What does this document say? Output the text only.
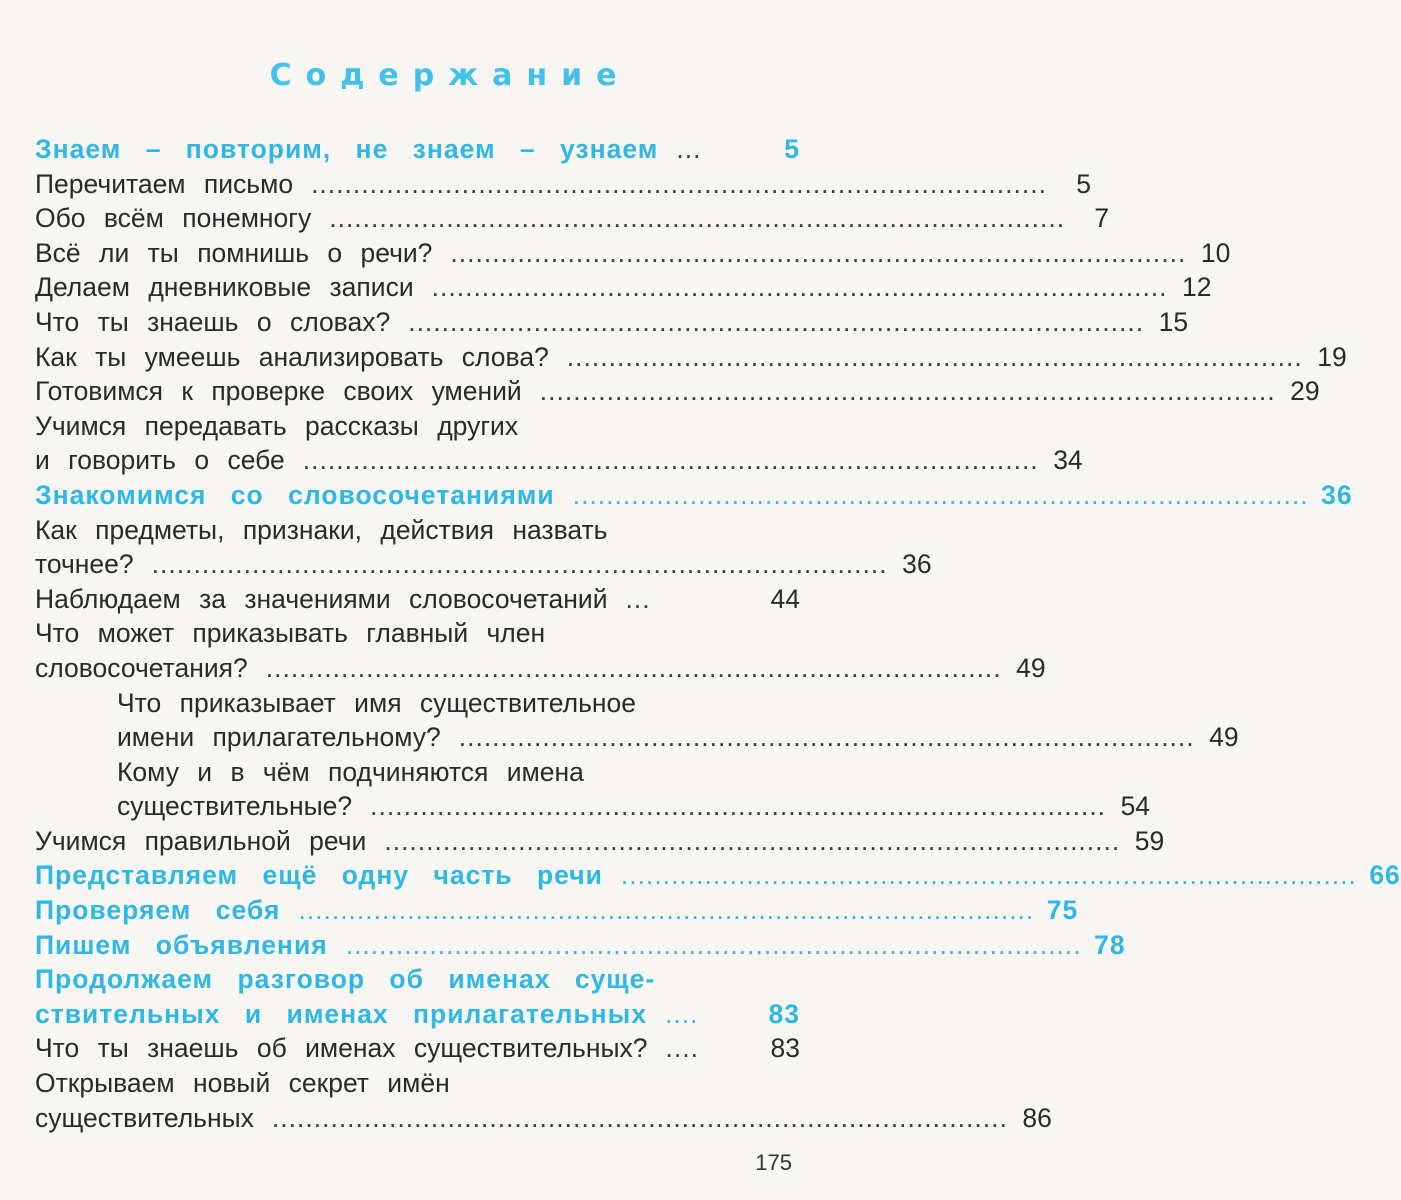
Содержание
Знаем – повторим, не знаем – узнаем ...	5
Перечитаем письмо ........................................................................................	5
Обо всём понемногу ........................................................................................	7
Всё ли ты помнишь о речи? ........................................................................................ 10
Делаем дневниковые записи ........................................................................................ 12
Что ты знаешь о словах? ........................................................................................ 15
Как ты умеешь анализировать слова? ........................................................................................ 19
Готовимся к проверке своих умений ........................................................................................ 29
Учимся передавать рассказы других
и говорить о себе ........................................................................................ 34
Знакомимся со словосочетаниями ........................................................................................ 36
Как предметы, признаки, действия назвать
точнее? ........................................................................................ 36
Наблюдаем за значениями словосочетаний ...	44
Что может приказывать главный член
словосочетания? ........................................................................................ 49
Что приказывает имя существительное
имени прилагательному? ........................................................................................ 49
Кому и в чём подчиняются имена
существительные? ........................................................................................ 54
Учимся правильной речи ........................................................................................ 59
Представляем ещё одну часть речи ........................................................................................ 66
Проверяем себя ........................................................................................ 75
Пишем объявления ........................................................................................ 78
Продолжаем разговор об именах суще-
ствительных и именах прилагательных ....	83
Что ты знаешь об именах существительных? ....	83
Открываем новый секрет имён
существительных ........................................................................................ 86
175
